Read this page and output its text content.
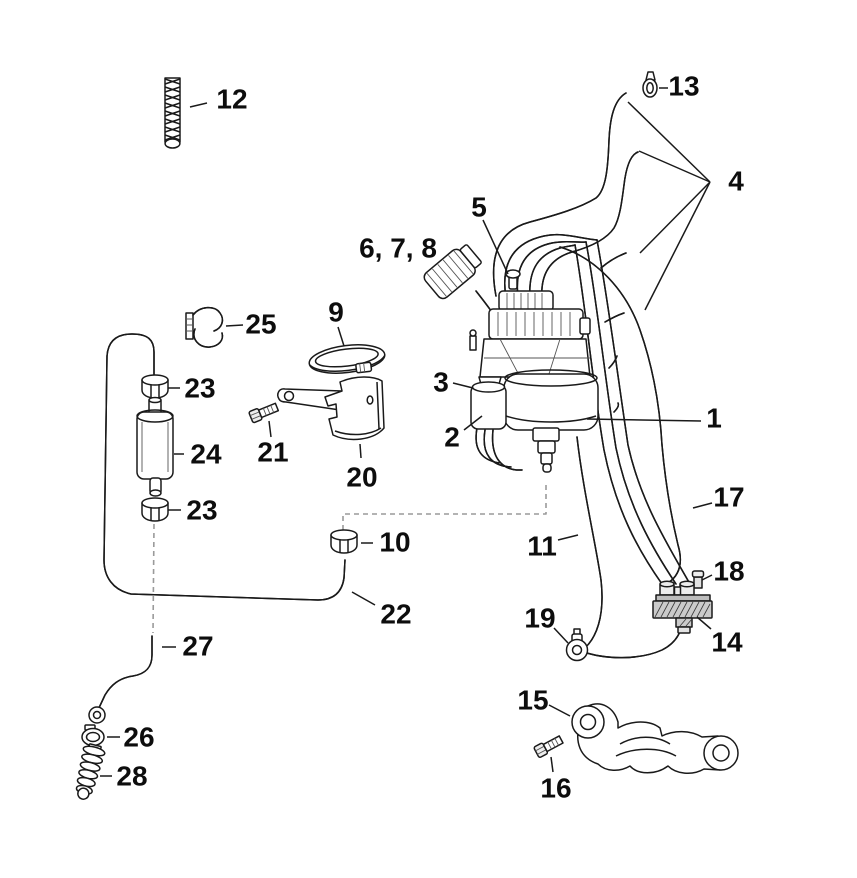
12	13
4
5
6, 7, 8
3
2
1
25 9
23
24
23
21
20
10
22
27
26
28
11
17
18
14
19
15
16
